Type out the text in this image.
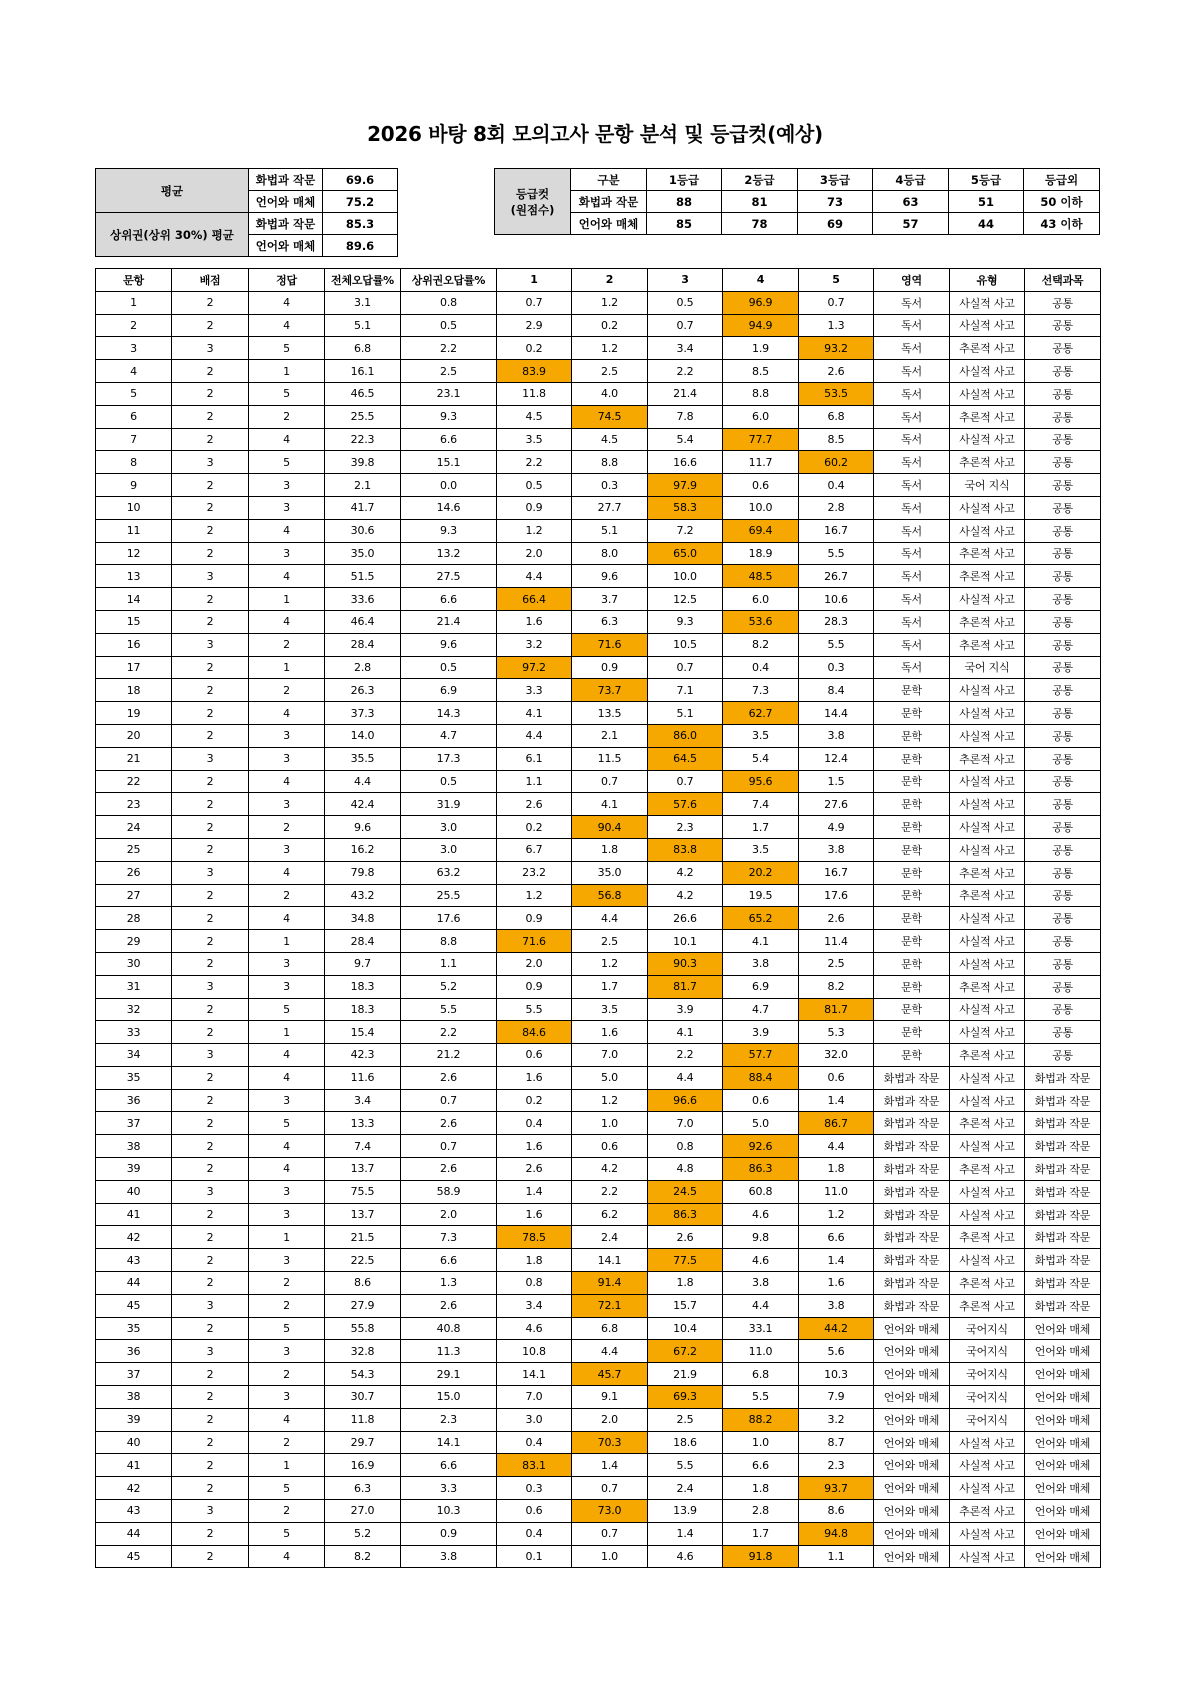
2026 바탕 8회 모의고사 문항 분석 및 등급컷(예상)
평균	화법과 작문	69.6
	언어와 매체	75.2
상위권(상위 30%) 평균	화법과 작문	85.3
	언어와 매체	89.6
등급컷
(원점수)	구분	1등급	2등급	3등급	4등급	5등급	등급외

	화법과 작문	88	81	73	63	51	50 이하
	언어와 매체	85	78	69	57	44	43 이하
문항	배점	정답	전체오답률%	상위권오답률%	1	2	3	4	5	영역	유형	선택과목
1	2	4	3.1	0.8	0.7	1.2	0.5	96.9	0.7	독서	사실적 사고	공통
2	2	4	5.1	0.5	2.9	0.2	0.7	94.9	1.3	독서	사실적 사고	공통
3	3	5	6.8	2.2	0.2	1.2	3.4	1.9	93.2	독서	추론적 사고	공통
4	2	1	16.1	2.5	83.9	2.5	2.2	8.5	2.6	독서	사실적 사고	공통
5	2	5	46.5	23.1	11.8	4.0	21.4	8.8	53.5	독서	사실적 사고	공통
6	2	2	25.5	9.3	4.5	74.5	7.8	6.0	6.8	독서	추론적 사고	공통
7	2	4	22.3	6.6	3.5	4.5	5.4	77.7	8.5	독서	사실적 사고	공통
8	3	5	39.8	15.1	2.2	8.8	16.6	11.7	60.2	독서	추론적 사고	공통
9	2	3	2.1	0.0	0.5	0.3	97.9	0.6	0.4	독서	국어 지식	공통
10	2	3	41.7	14.6	0.9	27.7	58.3	10.0	2.8	독서	사실적 사고	공통
11	2	4	30.6	9.3	1.2	5.1	7.2	69.4	16.7	독서	사실적 사고	공통
12	2	3	35.0	13.2	2.0	8.0	65.0	18.9	5.5	독서	추론적 사고	공통
13	3	4	51.5	27.5	4.4	9.6	10.0	48.5	26.7	독서	추론적 사고	공통
14	2	1	33.6	6.6	66.4	3.7	12.5	6.0	10.6	독서	사실적 사고	공통
15	2	4	46.4	21.4	1.6	6.3	9.3	53.6	28.3	독서	추론적 사고	공통
16	3	2	28.4	9.6	3.2	71.6	10.5	8.2	5.5	독서	추론적 사고	공통
17	2	1	2.8	0.5	97.2	0.9	0.7	0.4	0.3	독서	국어 지식	공통
18	2	2	26.3	6.9	3.3	73.7	7.1	7.3	8.4	문학	사실적 사고	공통
19	2	4	37.3	14.3	4.1	13.5	5.1	62.7	14.4	문학	사실적 사고	공통
20	2	3	14.0	4.7	4.4	2.1	86.0	3.5	3.8	문학	사실적 사고	공통
21	3	3	35.5	17.3	6.1	11.5	64.5	5.4	12.4	문학	추론적 사고	공통
22	2	4	4.4	0.5	1.1	0.7	0.7	95.6	1.5	문학	사실적 사고	공통
23	2	3	42.4	31.9	2.6	4.1	57.6	7.4	27.6	문학	사실적 사고	공통
24	2	2	9.6	3.0	0.2	90.4	2.3	1.7	4.9	문학	사실적 사고	공통
25	2	3	16.2	3.0	6.7	1.8	83.8	3.5	3.8	문학	사실적 사고	공통
26	3	4	79.8	63.2	23.2	35.0	4.2	20.2	16.7	문학	추론적 사고	공통
27	2	2	43.2	25.5	1.2	56.8	4.2	19.5	17.6	문학	추론적 사고	공통
28	2	4	34.8	17.6	0.9	4.4	26.6	65.2	2.6	문학	사실적 사고	공통
29	2	1	28.4	8.8	71.6	2.5	10.1	4.1	11.4	문학	사실적 사고	공통
30	2	3	9.7	1.1	2.0	1.2	90.3	3.8	2.5	문학	사실적 사고	공통
31	3	3	18.3	5.2	0.9	1.7	81.7	6.9	8.2	문학	추론적 사고	공통
32	2	5	18.3	5.5	5.5	3.5	3.9	4.7	81.7	문학	사실적 사고	공통
33	2	1	15.4	2.2	84.6	1.6	4.1	3.9	5.3	문학	사실적 사고	공통
34	3	4	42.3	21.2	0.6	7.0	2.2	57.7	32.0	문학	추론적 사고	공통
35	2	4	11.6	2.6	1.6	5.0	4.4	88.4	0.6	화법과 작문	사실적 사고	화법과 작문
36	2	3	3.4	0.7	0.2	1.2	96.6	0.6	1.4	화법과 작문	사실적 사고	화법과 작문
37	2	5	13.3	2.6	0.4	1.0	7.0	5.0	86.7	화법과 작문	추론적 사고	화법과 작문
38	2	4	7.4	0.7	1.6	0.6	0.8	92.6	4.4	화법과 작문	사실적 사고	화법과 작문
39	2	4	13.7	2.6	2.6	4.2	4.8	86.3	1.8	화법과 작문	추론적 사고	화법과 작문
40	3	3	75.5	58.9	1.4	2.2	24.5	60.8	11.0	화법과 작문	사실적 사고	화법과 작문
41	2	3	13.7	2.0	1.6	6.2	86.3	4.6	1.2	화법과 작문	사실적 사고	화법과 작문
42	2	1	21.5	7.3	78.5	2.4	2.6	9.8	6.6	화법과 작문	추론적 사고	화법과 작문
43	2	3	22.5	6.6	1.8	14.1	77.5	4.6	1.4	화법과 작문	사실적 사고	화법과 작문
44	2	2	8.6	1.3	0.8	91.4	1.8	3.8	1.6	화법과 작문	추론적 사고	화법과 작문
45	3	2	27.9	2.6	3.4	72.1	15.7	4.4	3.8	화법과 작문	추론적 사고	화법과 작문
35	2	5	55.8	40.8	4.6	6.8	10.4	33.1	44.2	언어와 매체	국어지식	언어와 매체
36	3	3	32.8	11.3	10.8	4.4	67.2	11.0	5.6	언어와 매체	국어지식	언어와 매체
37	2	2	54.3	29.1	14.1	45.7	21.9	6.8	10.3	언어와 매체	국어지식	언어와 매체
38	2	3	30.7	15.0	7.0	9.1	69.3	5.5	7.9	언어와 매체	국어지식	언어와 매체
39	2	4	11.8	2.3	3.0	2.0	2.5	88.2	3.2	언어와 매체	국어지식	언어와 매체
40	2	2	29.7	14.1	0.4	70.3	18.6	1.0	8.7	언어와 매체	사실적 사고	언어와 매체
41	2	1	16.9	6.6	83.1	1.4	5.5	6.6	2.3	언어와 매체	사실적 사고	언어와 매체
42	2	5	6.3	3.3	0.3	0.7	2.4	1.8	93.7	언어와 매체	사실적 사고	언어와 매체
43	3	2	27.0	10.3	0.6	73.0	13.9	2.8	8.6	언어와 매체	추론적 사고	언어와 매체
44	2	5	5.2	0.9	0.4	0.7	1.4	1.7	94.8	언어와 매체	사실적 사고	언어와 매체
45	2	4	8.2	3.8	0.1	1.0	4.6	91.8	1.1	언어와 매체	사실적 사고	언어와 매체
